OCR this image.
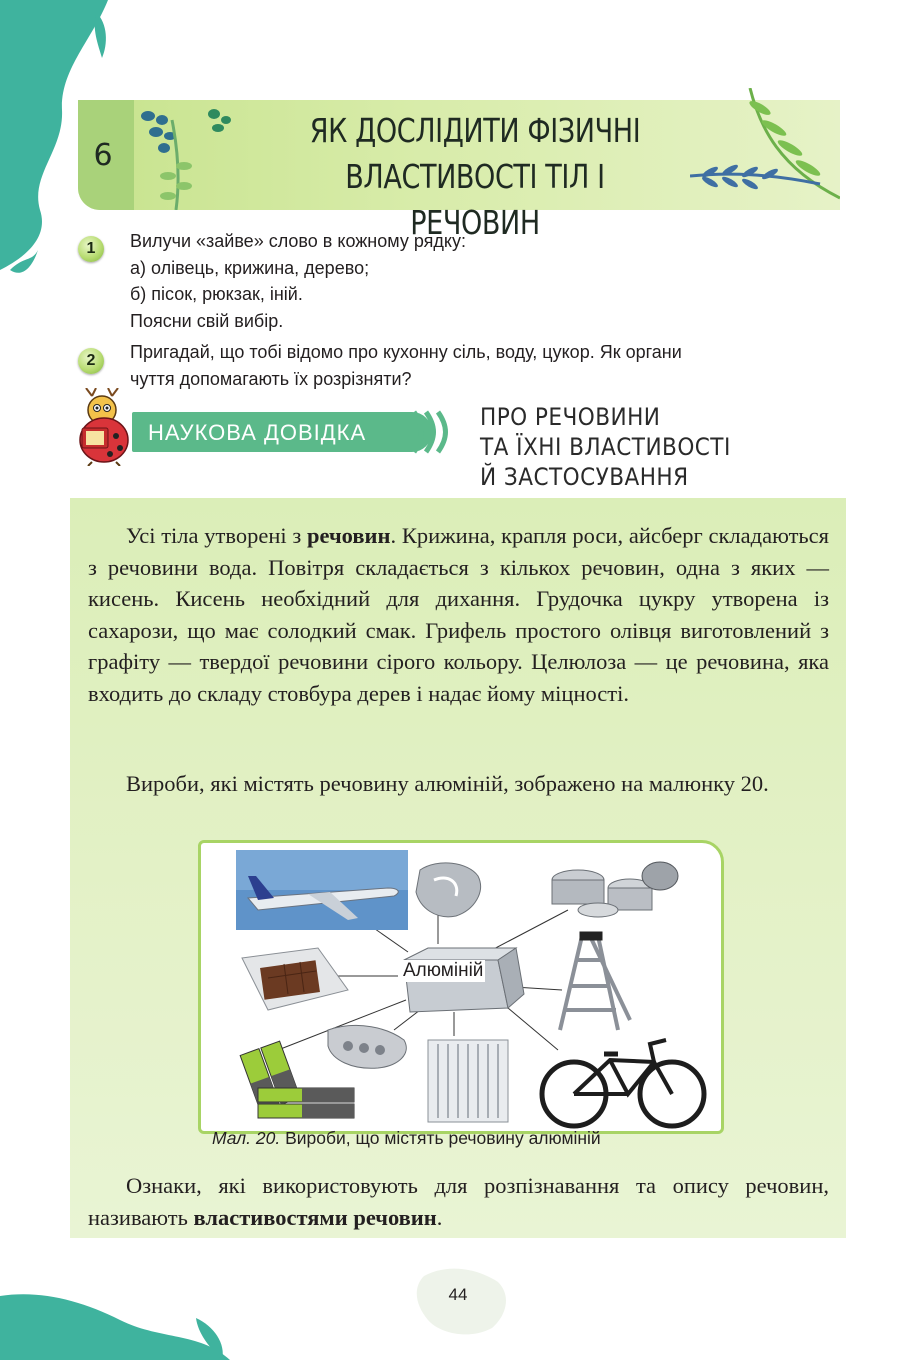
6
ЯК ДОСЛІДИТИ ФІЗИЧНІ
ВЛАСТИВОСТІ ТІЛ І РЕЧОВИН
1	Вилучи «зайве» слово в кожному рядку:
а) олівець, крижина, дерево;
б) пісок, рюкзак, іній.
Поясни свій вибір.
2	Пригадай, що тобі відомо про кухонну сіль, воду, цукор. Як органи
чуття допомагають їх розрізняти?
НАУКОВА ДОВІДКА
ПРО РЕЧОВИНИ
ТА ЇХНІ ВЛАСТИВОСТІ
Й ЗАСТОСУВАННЯ
Усі тіла утворені з речовин. Крижина, крапля роси, айсберг складаються з речовини вода. Повітря складається з кількох речовин, одна з яких — кисень. Кисень необхідний для дихання. Грудочка цукру утворена із сахарози, що має солодкий смак. Грифель простого олівця виготовлений з графіту — твердої речовини сірого кольору. Целюлоза — це речовина, яка входить до складу стовбура дерев і надає йому міцності.
Вироби, які містять речовину алюміній, зображено на малюнку 20.
Алюміній
Мал. 20. Вироби, що містять речовину алюміній
Ознаки, які використовують для розпізнавання та опису речовин, називають властивостями речовин.
44
